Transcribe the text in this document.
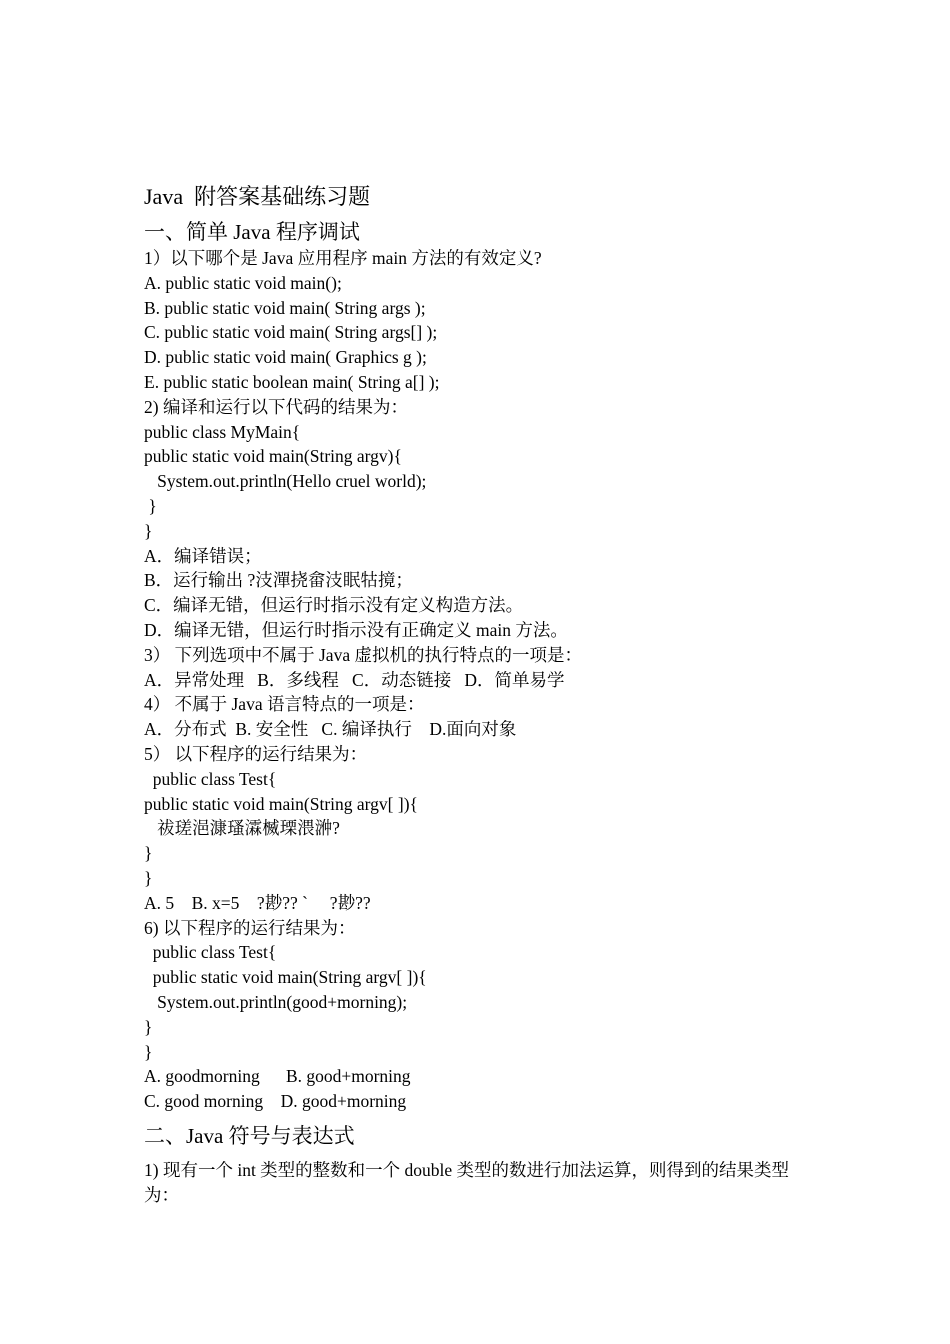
Java  附答案基础练习题
一、简单 Java 程序调试
1）以下哪个是 Java 应用程序 main 方法的有效定义?
A. public static void main();
B. public static void main( String args );
C. public static void main( String args[] );
D. public static void main( Graphics g );
E. public static boolean main( String a[] );
2) 编译和运行以下代码的结果为：
public class MyMain{
public static void main(String argv){
System.out.println(Hello cruel world);
}
}
A．编译错误；
B．运行输出 ?汥潬挠畲汥眠牯摬；
C．编译无错，但运行时指示没有定义构造方法。
D．编译无错，但运行时指示没有正确定义 main 方法。
3） 下列选项中不属于 Java 虚拟机的执行特点的一项是：
A．异常处理   B．多线程   C．动态链接   D．简单易学
4） 不属于 Java 语言特点的一项是：
A．分布式  B. 安全性   C. 编译执行    D.面向对象
5） 以下程序的运行结果为：
public class Test{
public static void main(String argv[ ]){
祓瑳浥漮瑵瀮楲瑮渨㴢?
}
}
A. 5    B. x=5    ?尠?? `     ?尠??
6) 以下程序的运行结果为：
public class Test{
public static void main(String argv[ ]){
System.out.println(good+morning);
}
}
A. goodmorning      B. good+morning
C. good morning    D. good+morning
二、Java 符号与表达式
1) 现有一个 int 类型的整数和一个 double 类型的数进行加法运算，则得到的结果类型为：
